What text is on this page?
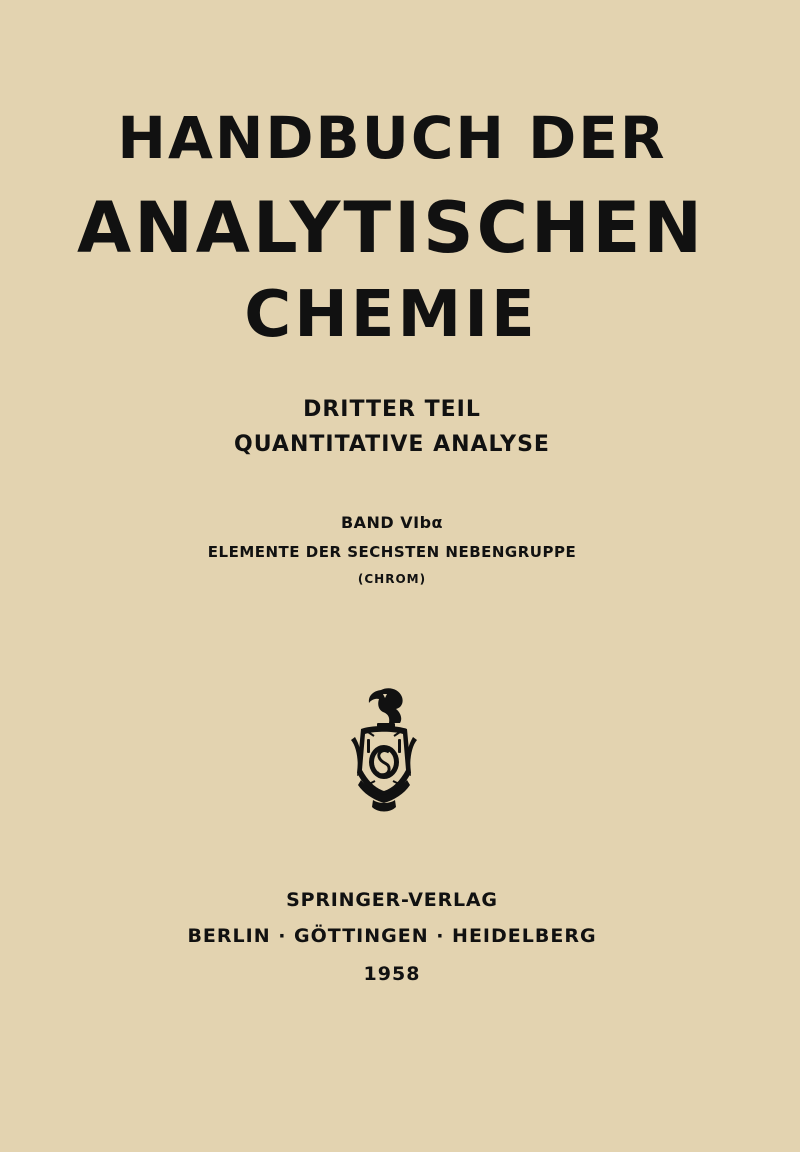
HANDBUCH DER
ANALYTISCHEN
CHEMIE
DRITTER TEIL
QUANTITATIVE ANALYSE
BAND VIbα
ELEMENTE DER SECHSTEN NEBENGRUPPE
(CHROM)
SPRINGER-VERLAG
BERLIN · GÖTTINGEN · HEIDELBERG
1958
